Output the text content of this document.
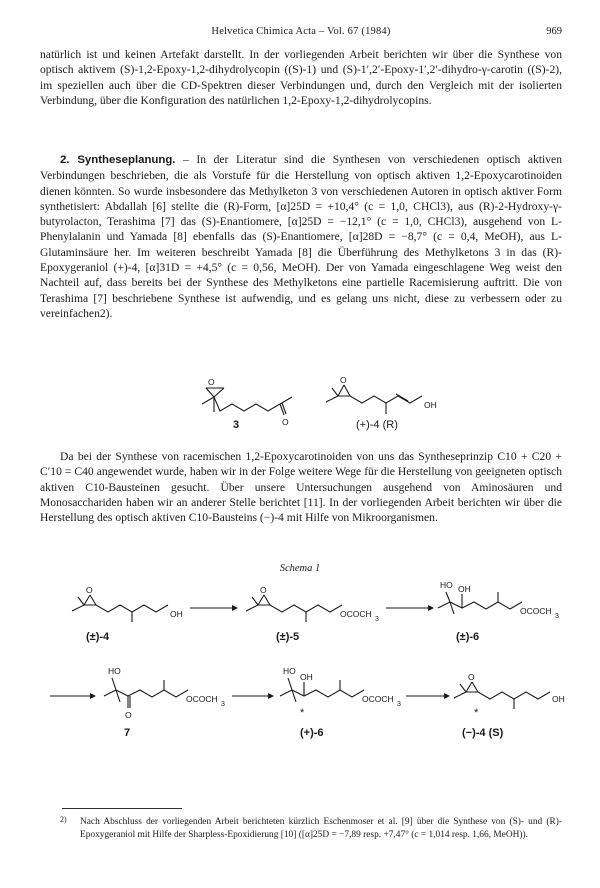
Helvetica Chimica Acta – Vol. 67 (1984)	969

natürlich ist und keinen Artefakt darstellt. In der vorliegenden Arbeit berichten wir über die Synthese von optisch aktivem (S)-1,2-Epoxy-1,2-dihydrolycopin ((S)-1) und (S)-1′,2′-Epoxy-1′,2′-dihydro-γ-carotin ((S)-2), im speziellen auch über die CD-Spektren dieser Verbindungen und, durch den Vergleich mit der isolierten Verbindung, über die Konfiguration des natürlichen 1,2-Epoxy-1,2-dihydrolycopins.

2. Syntheseplanung. – In der Literatur sind die Synthesen von verschiedenen optisch aktiven Verbindungen beschrieben, die als Vorstufe für die Herstellung von optisch aktiven 1,2-Epoxycarotinoiden dienen könnten. So wurde insbesondere das Methylketon 3 von verschiedenen Autoren in optisch aktiver Form synthetisiert: Abdallah [6] stellte die (R)-Form, [α]25D = +10,4° (c = 1,0, CHCl3), aus (R)-2-Hydroxy-γ-butyrolacton, Terashima [7] das (S)-Enantiomere, [α]25D = −12,1° (c = 1,0, CHCl3), ausgehend von L-Phenylalanin und Yamada [8] ebenfalls das (S)-Enantiomere, [α]28D = −8,7° (c = 0,4, MeOH), aus L-Glutaminsäure her. Im weiteren beschreibt Yamada [8] die Überführung des Methylketons 3 in das (R)-Epoxygeraniol (+)-4, [α]31D = +4,5° (c = 0,56, MeOH). Der von Yamada eingeschlagene Weg weist den Nachteil auf, dass bereits bei der Synthese des Methylketons eine partielle Racemisierung auftritt. Die von Terashima [7] beschriebene Synthese ist aufwendig, und es gelang uns nicht, diese zu verbessern oder zu vereinfachen2).

O
O
3
O
OH
(+)-4 (R)

Da bei der Synthese von racemischen 1,2-Epoxycarotinoiden von uns das Syntheseprinzip C10 + C20 + C′10 = C40 angewendet wurde, haben wir in der Folge weitere Wege für die Herstellung von geeigneten optisch aktiven C10-Bausteinen gesucht. Über unsere Untersuchungen ausgehend von Aminosäuren und Monosacchariden haben wir an anderer Stelle berichtet [11]. In der vorliegenden Arbeit berichten wir über die Herstellung des optisch aktiven C10-Bausteins (−)-4 mit Hilfe von Mikroorganismen.

Schema 1
O
OH
O
OCOCH
3
HO OH
OCOCH
3
(±)-4	(±)-5	(±)-6
HO
O
OCOCH
3
HO
OH
*
OCOCH
3
O
*
OH
7	(+)-6	(−)-4 (S)
2)	Nach Abschluss der vorliegenden Arbeit berichteten kürzlich Eschenmoser et al. [9] über die Synthese von (S)- und (R)-Epoxygeraniol mit Hilfe der Sharpless-Epoxidierung [10] ([α]25D = −7,89 resp. +7,47° (c = 1,014 resp. 1,66, MeOH)).
